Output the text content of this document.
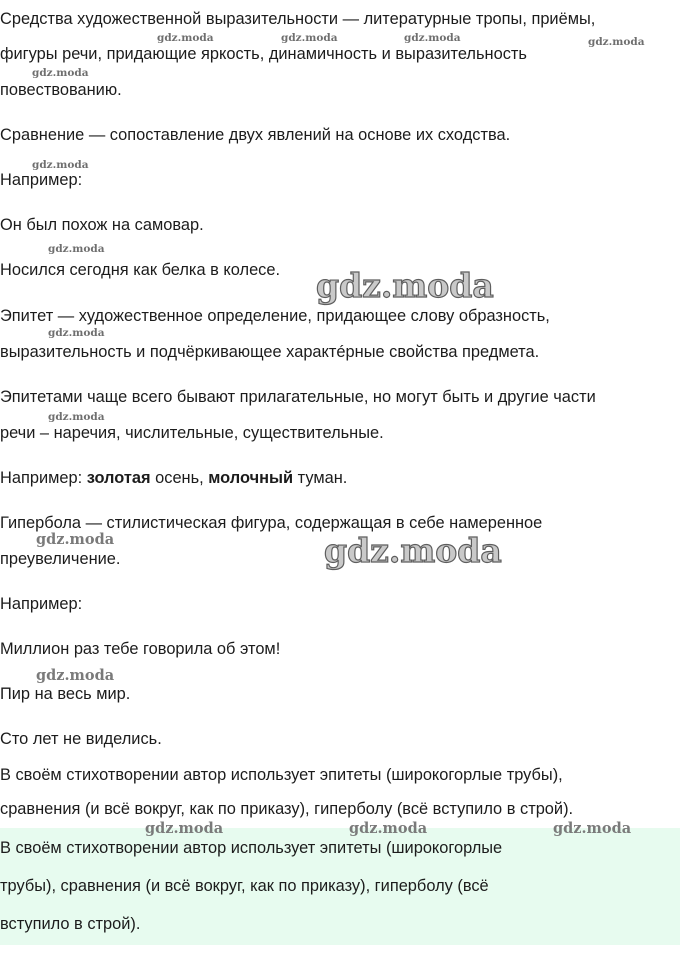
Средства художественной выразительности — литературные тропы, приёмы,
фигуры речи, придающие яркость, динамичность и выразительность
повествованию.
Сравнение — сопоставление двух явлений на основе их сходства.
Например:
Он был похож на самовар.
Носился сегодня как белка в колесе.
Эпитет — художественное определение, придающее слову образность,
выразительность и подчёркивающее характéрные свойства предмета.
Эпитетами чаще всего бывают прилагательные, но могут быть и другие части
речи – наречия, числительные, существительные.
Например: золотая осень, молочный туман.
Гипербола — стилистическая фигура, содержащая в себе намеренное
преувеличение.
Например:
Миллион раз тебе говорила об этом!
Пир на весь мир.
Сто лет не виделись.
В своём стихотворении автор использует эпитеты (широкогорлые трубы),
сравнения (и всё вокруг, как по приказу), гиперболу (всё вступило в строй).
В своём стихотворении автор использует эпитеты (широкогорлые
трубы), сравнения (и всё вокруг, как по приказу), гиперболу (всё
вступило в строй).
gdz.moda	gdz.moda	gdz.moda	gdz.moda
gdz.moda
gdz.moda
gdz.moda
gdz.moda
gdz.moda
gdz.moda
gdz.moda
gdz.moda	gdz.moda	gdz.moda
gdz.moda
gdz.moda
